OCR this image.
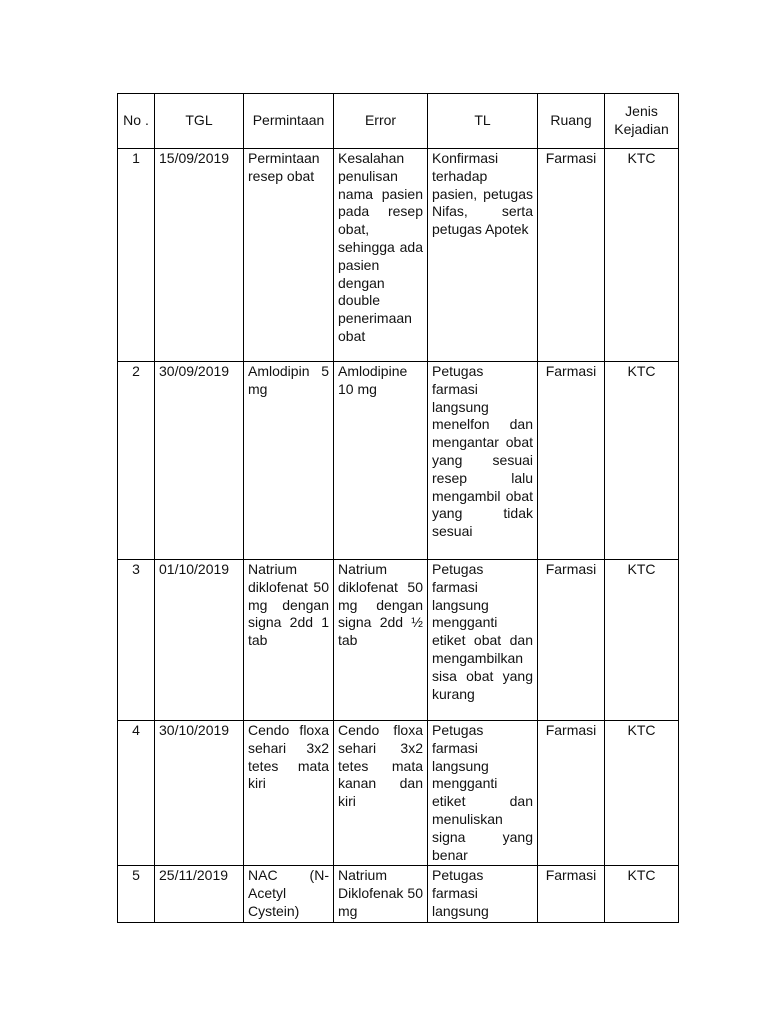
No .	TGL	Permintaan	Error	TL	Ruang	Jenis Kejadian
1	15/09/2019	Permintaan resep obat	Kesalahan penulisan nama pasien pada resep obat, sehingga ada pasien dengan double penerimaan obat	Konfirmasi terhadap pasien, petugas Nifas, serta petugas Apotek	Farmasi	KTC
2	30/09/2019	Amlodipin 5 mg	Amlodipine 10 mg	Petugas farmasi langsung menelfon dan mengantar obat yang sesuai resep lalu mengambil obat yang tidak sesuai	Farmasi	KTC
3	01/10/2019	Natrium diklofenat 50 mg dengan signa 2dd 1 tab	Natrium diklofenat 50 mg dengan signa 2dd ½ tab	Petugas farmasi langsung mengganti etiket obat dan mengambilkan sisa obat yang kurang	Farmasi	KTC
4	30/10/2019	Cendo floxa sehari 3x2 tetes mata kiri	Cendo floxa sehari 3x2 tetes mata kanan dan kiri	Petugas farmasi langsung mengganti etiket dan menuliskan signa yang benar	Farmasi	KTC
5	25/11/2019	NAC (N-Acetyl Cystein)	Natrium Diklofenak 50 mg	Petugas farmasi langsung	Farmasi	KTC
